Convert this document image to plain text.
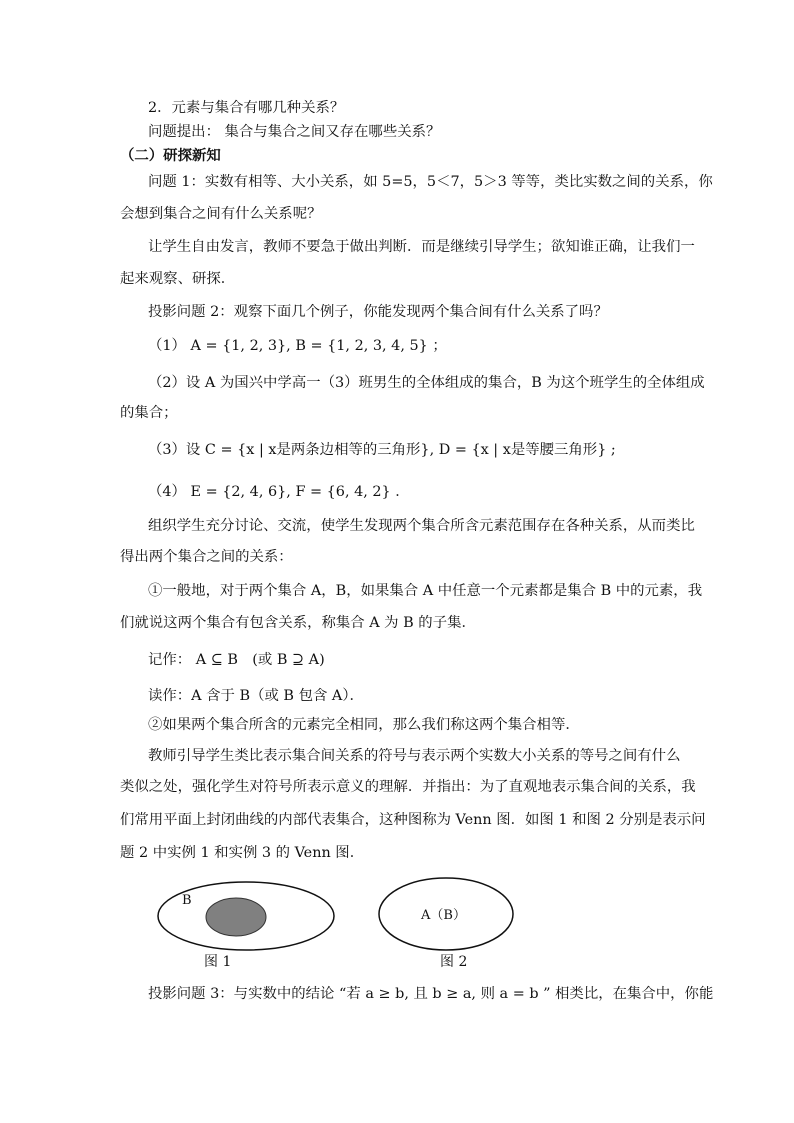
2．元素与集合有哪几种关系？
问题提出： 集合与集合之间又存在哪些关系？
（二）研探新知
问题 1：实数有相等、大小关系，如 5=5，5＜7，5＞3 等等，类比实数之间的关系，你
会想到集合之间有什么关系呢？
让学生自由发言，教师不要急于做出判断．而是继续引导学生；欲知谁正确，让我们一
起来观察、研探．
投影问题 2：观察下面几个例子，你能发现两个集合间有什么关系了吗？
（1） A = {1, 2, 3}, B = {1, 2, 3, 4, 5} ；
（2）设 A 为国兴中学高一（3）班男生的全体组成的集合，B 为这个班学生的全体组成
的集合；
（3）设 C = {x | x是两条边相等的三角形}, D = {x | x是等腰三角形} ;
（4） E = {2, 4, 6}, F = {6, 4, 2} ．
组织学生充分讨论、交流，使学生发现两个集合所含元素范围存在各种关系，从而类比
得出两个集合之间的关系：
①一般地，对于两个集合 A，B，如果集合 A 中任意一个元素都是集合 B 中的元素，我
们就说这两个集合有包含关系，称集合 A 为 B 的子集．
记作： A ⊆ B　(或 B ⊇ A)
读作：A 含于 B（或 B 包含 A）．
②如果两个集合所含的元素完全相同，那么我们称这两个集合相等．
教师引导学生类比表示集合间关系的符号与表示两个实数大小关系的等号之间有什么
类似之处，强化学生对符号所表示意义的理解．并指出：为了直观地表示集合间的关系，我
们常用平面上封闭曲线的内部代表集合，这种图称为 Venn 图．如图 1 和图 2 分别是表示问
题 2 中实例 1 和实例 3 的 Venn 图．
B
图 1
A（B）
图 2
投影问题 3：与实数中的结论 “若 a ≥ b, 且 b ≥ a, 则 a = b ” 相类比，在集合中，你能
